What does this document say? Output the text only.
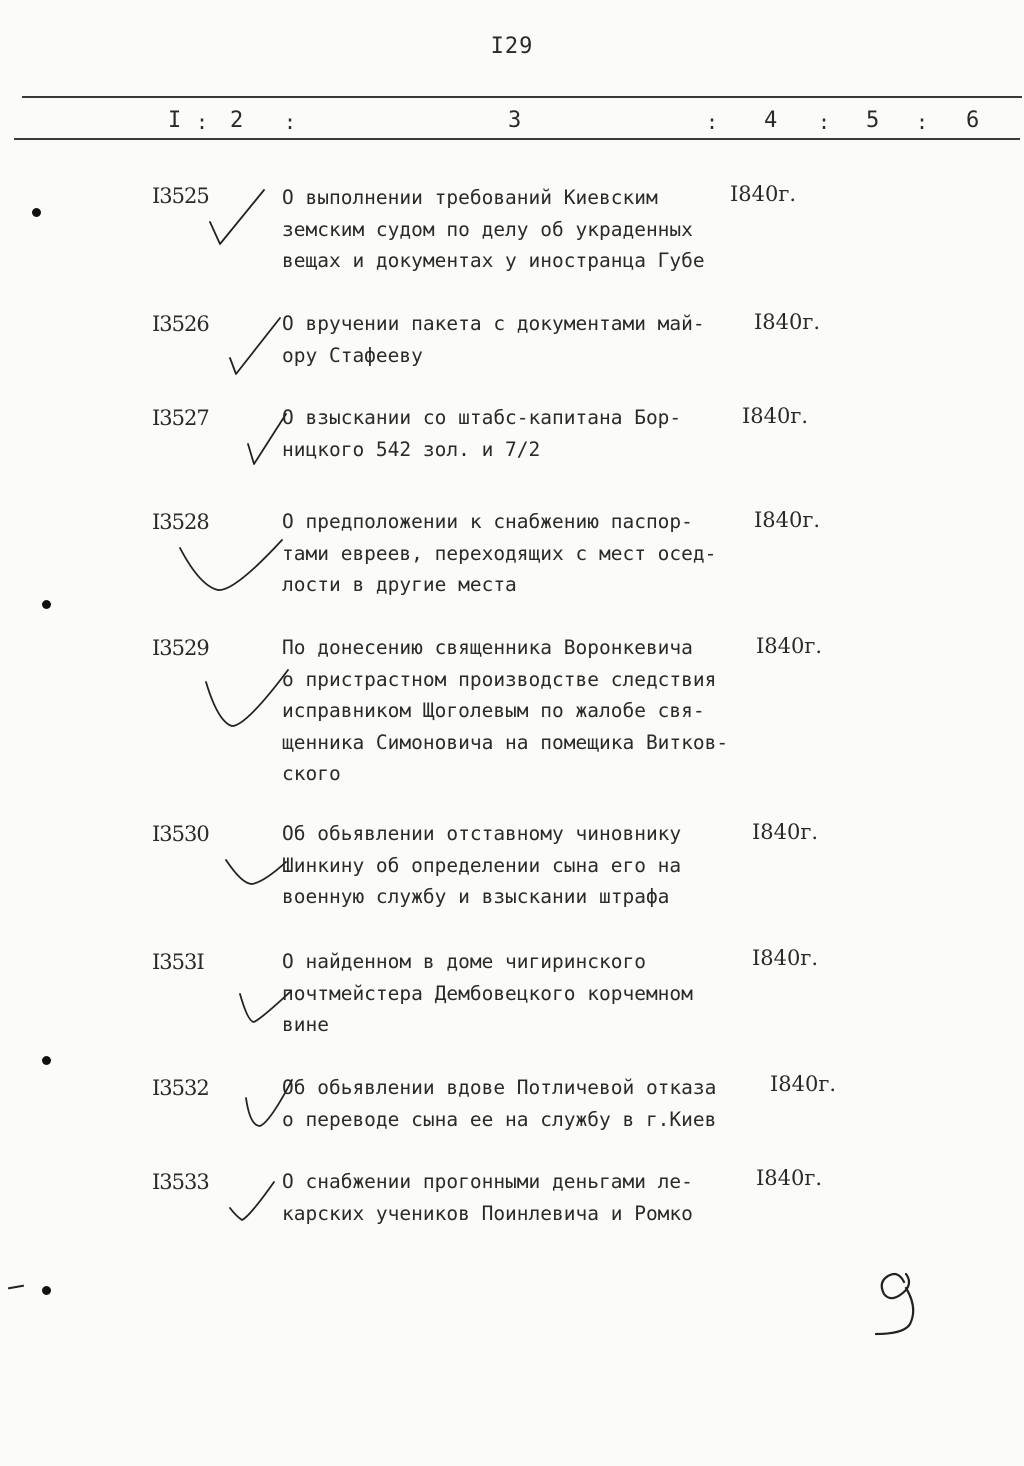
I29
I : 2 :	3	: 4 : 5 : 6
I3525	О выполнении требований Киевским
земским судом по делу об украденных
вещах и документах у иностранца Губе
I840г.
I3526	О вручении пакета с документами май-
ору Стафееву
I840г.
I3527	О взыскании со штабс-капитана Бор-
ницкого 542 зол. и 7/2
I840г.
I3528	О предположении к снабжению паспор-
тами евреев, переходящих с мест осед-
лости в другие места
I840г.
I3529	По донесению священника Воронкевича
о пристрастном производстве следствия
исправником Щоголевым по жалобе свя-
щенника Симоновича на помещика Витков-
ского
I840г.
I3530	Об обьявлении отставному чиновнику
Шинкину об определении сына его на
военную службу и взыскании штрафа
I840г.
I353I	О найденном в доме чигиринского
почтмейстера Дембовецкого корчемном
вине
I840г.
I3532	Об обьявлении вдове Потличевой отказа
о переводе сына ее на службу в г.Киев
I840г.
I3533	О снабжении прогонными деньгами ле-
карских учеников Поинлевича и Ромко
I840г.
